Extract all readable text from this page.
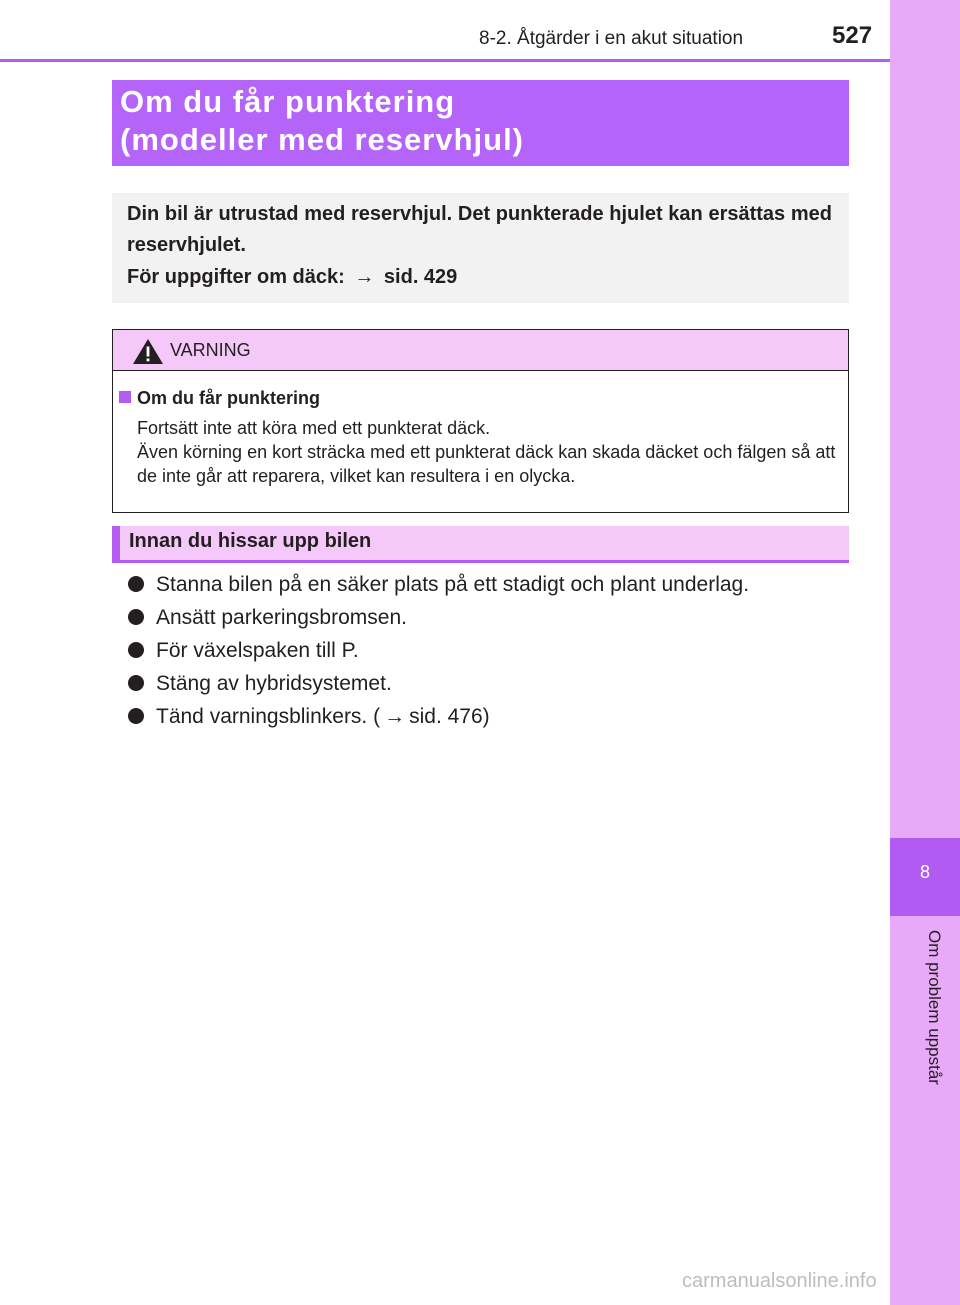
8-2. Åtgärder i en akut situation	527
8
Om problem uppstår
Om du får punktering
(modeller med reservhjul)
Din bil är utrustad med reservhjul. Det punkterade hjulet kan ersättas med reservhjulet.
För uppgifter om däck: → sid. 429
VARNING
Om du får punktering
Fortsätt inte att köra med ett punkterat däck.
Även körning en kort sträcka med ett punkterat däck kan skada däcket och fälgen så att de inte går att reparera, vilket kan resultera i en olycka.
Innan du hissar upp bilen
Stanna bilen på en säker plats på ett stadigt och plant underlag.
Ansätt parkeringsbromsen.
För växelspaken till P.
Stäng av hybridsystemet.
Tänd varningsblinkers. ( → sid. 476)
carmanualsonline.info
